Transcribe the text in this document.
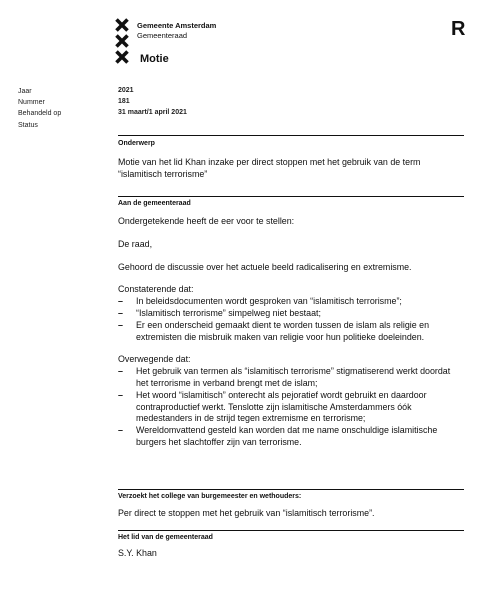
Gemeente Amsterdam
Gemeenteraad
Motie
R
Jaar
Nummer
Behandeld op
Status
2021
181
31 maart/1 april 2021
Onderwerp
Motie van het lid Khan inzake per direct stoppen met het gebruik van de term “islamitisch terrorisme”
Aan de gemeenteraad

Ondergetekende heeft de eer voor te stellen:

De raad,

Gehoord de discussie over het actuele beeld radicalisering en extremisme.

Constaterende dat:

– In beleidsdocumenten wordt gesproken van “islamitisch terrorisme”;
– “Islamitisch terrorisme” simpelweg niet bestaat;
– Er een onderscheid gemaakt dient te worden tussen de islam als religie en extremisten die misbruik maken van religie voor hun politieke doeleinden.

Overwegende dat:

– Het gebruik van termen als “islamitisch terrorisme” stigmatiserend werkt doordat het terrorisme in verband brengt met de islam;
– Het woord “islamitisch” onterecht als pejoratief wordt gebruikt en daardoor contraproductief werkt. Tenslotte zijn islamitische Amsterdammers óók medestanders in de strijd tegen extremisme en terrorisme;
– Wereldomvattend gesteld kan worden dat me name onschuldige islamitische burgers het slachtoffer zijn van terrorisme.
Verzoekt het college van burgemeester en wethouders:
Per direct te stoppen met het gebruik van “islamitisch terrorisme”.
Het lid van de gemeenteraad
S.Y. Khan
